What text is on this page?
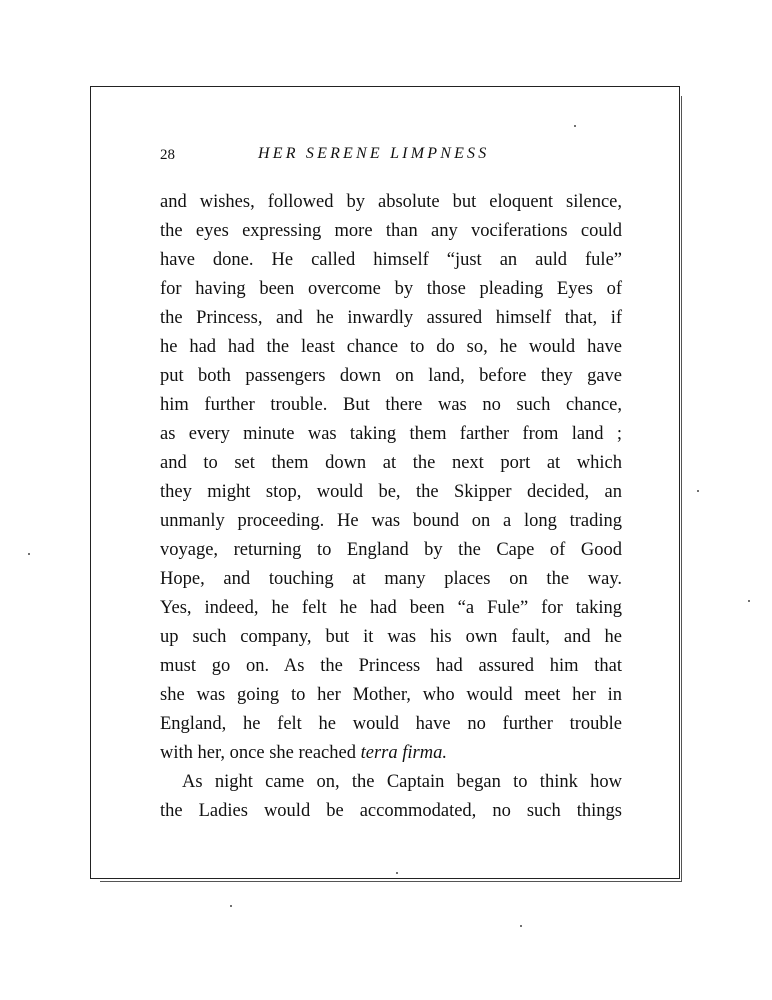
28	HER SERENE LIMPNESS
and wishes, followed by absolute but eloquent silence,
the eyes expressing more than any vociferations could
have done. He called himself “just an auld fule”
for having been overcome by those pleading Eyes of
the Princess, and he inwardly assured himself that, if
he had had the least chance to do so, he would have
put both passengers down on land, before they gave
him further trouble. But there was no such chance,
as every minute was taking them farther from land ;
and to set them down at the next port at which
they might stop, would be, the Skipper decided, an
unmanly proceeding. He was bound on a long trading
voyage, returning to England by the Cape of Good
Hope, and touching at many places on the way.
Yes, indeed, he felt he had been “a Fule” for taking
up such company, but it was his own fault, and he
must go on. As the Princess had assured him that
she was going to her Mother, who would meet her in
England, he felt he would have no further trouble
with her, once she reached terra firma.
As night came on, the Captain began to think how
the Ladies would be accommodated, no such things
